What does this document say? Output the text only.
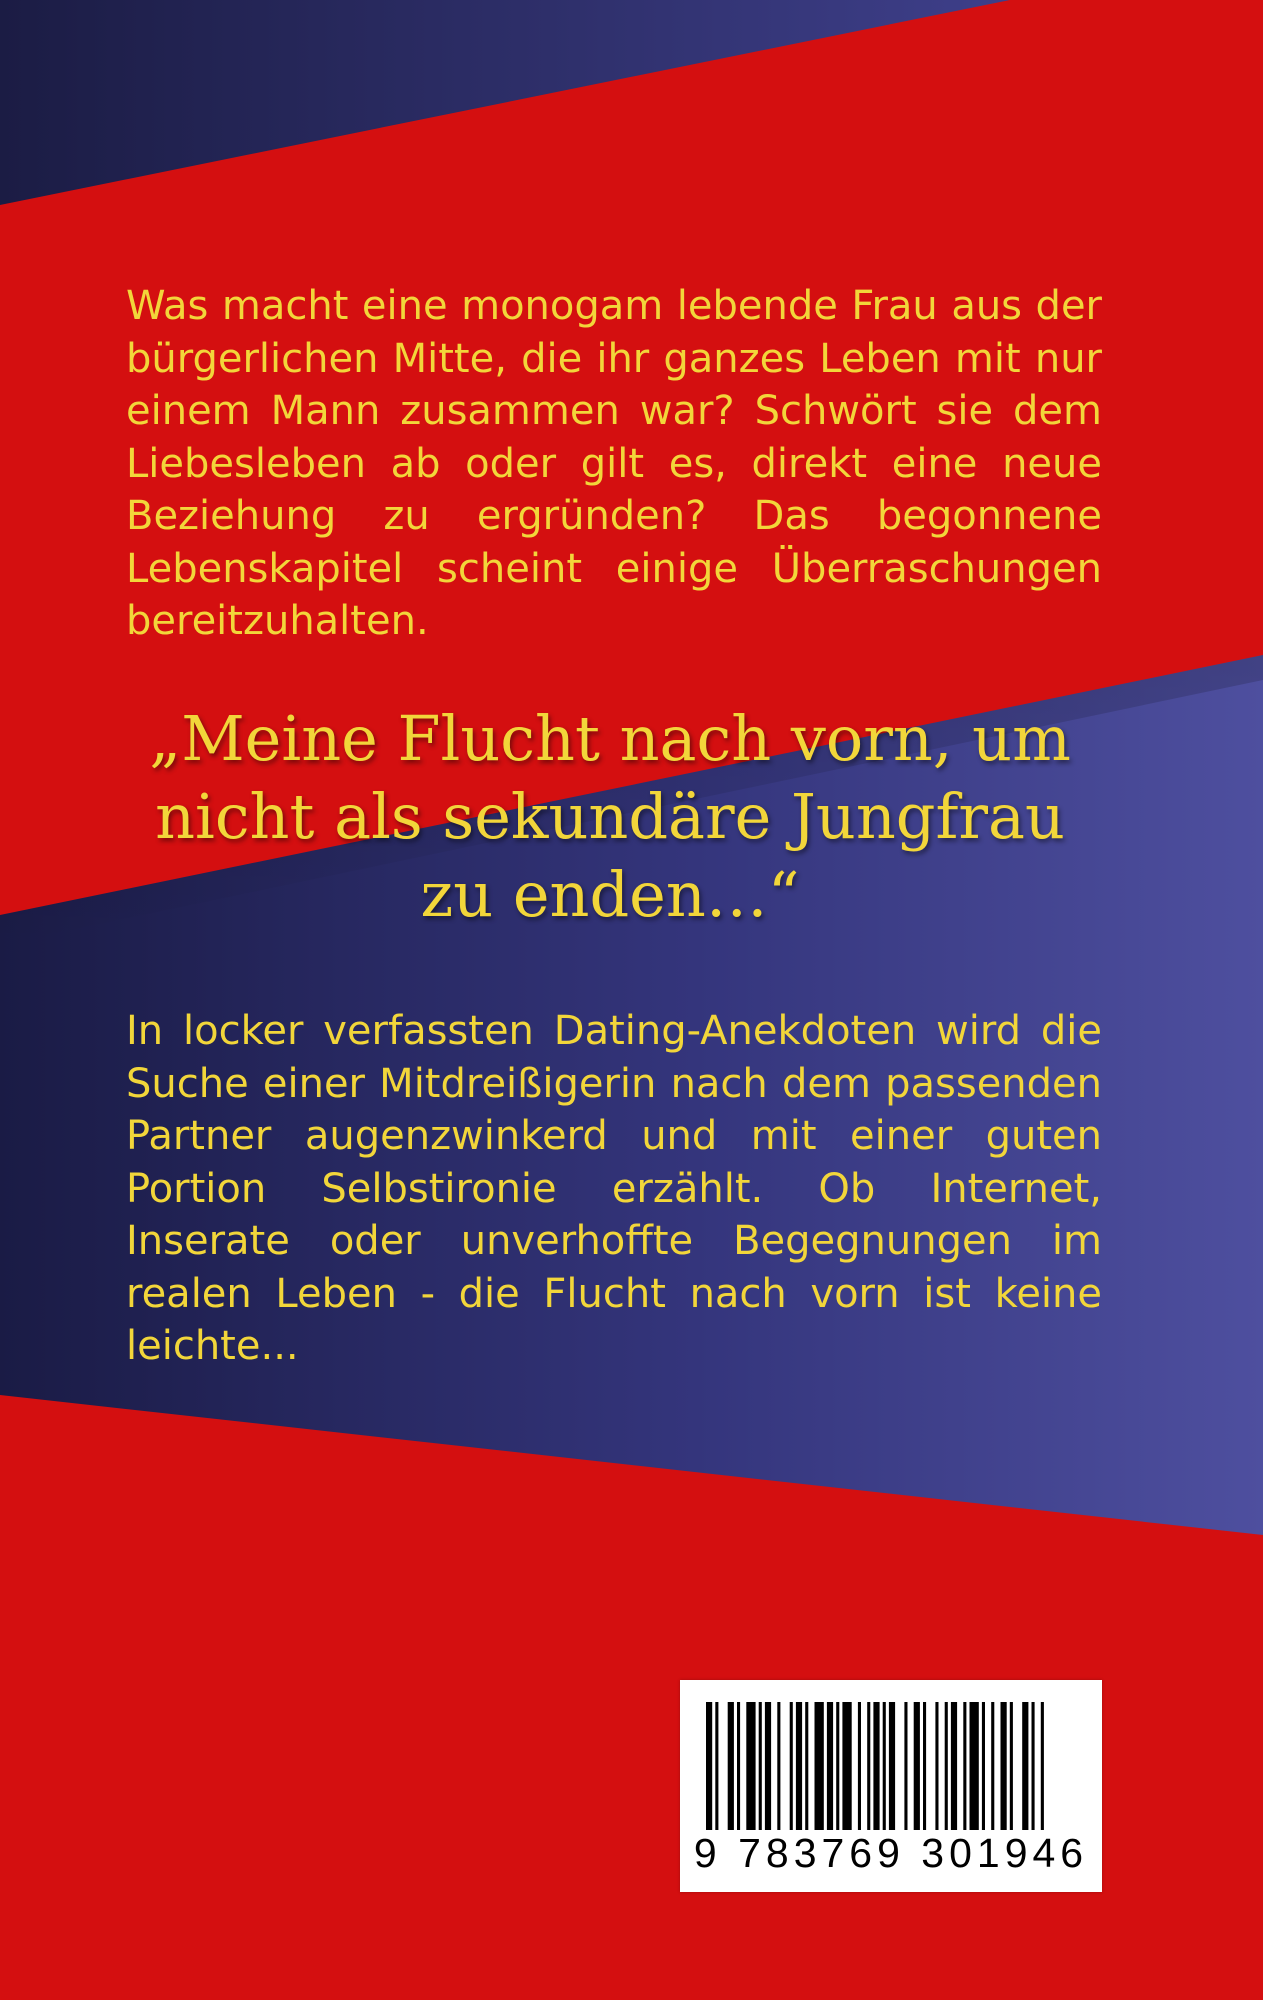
Was macht eine monogam lebende Frau aus der bürgerlichen Mitte, die ihr ganzes Leben mit nur einem Mann zusammen war? Schwört sie dem Liebesleben ab oder gilt es, direkt eine neue Beziehung zu ergründen? Das begonnene Lebenskapitel scheint einige Überraschungen bereitzuhalten.

„Meine Flucht nach vorn, um nicht als sekundäre Jungfrau zu enden…“

In locker verfassten Dating-Anekdoten wird die Suche einer Mitdreißigerin nach dem passenden Partner augenzwinkerd und mit einer guten Portion Selbstironie erzählt. Ob Internet, Inserate oder unverhoffte Begegnungen im realen Leben - die Flucht nach vorn ist keine leichte...

9 783769 301946
